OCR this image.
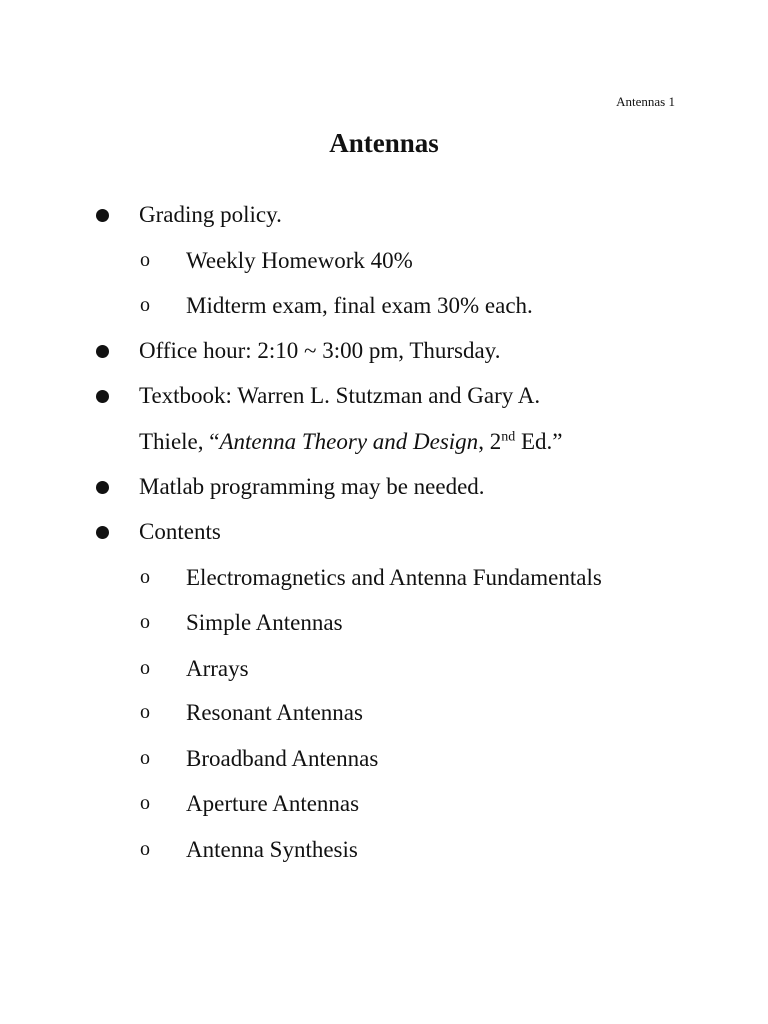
Antennas 1
Antennas
Grading policy.
o Weekly Homework 40%
o Midterm exam, final exam 30% each.
Office hour: 2:10 ~ 3:00 pm, Thursday.
Textbook: Warren L. Stutzman and Gary A.
Thiele, “Antenna Theory and Design, 2nd Ed.”
Matlab programming may be needed.
Contents
o Electromagnetics and Antenna Fundamentals
o Simple Antennas
o Arrays
o Resonant Antennas
o Broadband Antennas
o Aperture Antennas
o Antenna Synthesis
